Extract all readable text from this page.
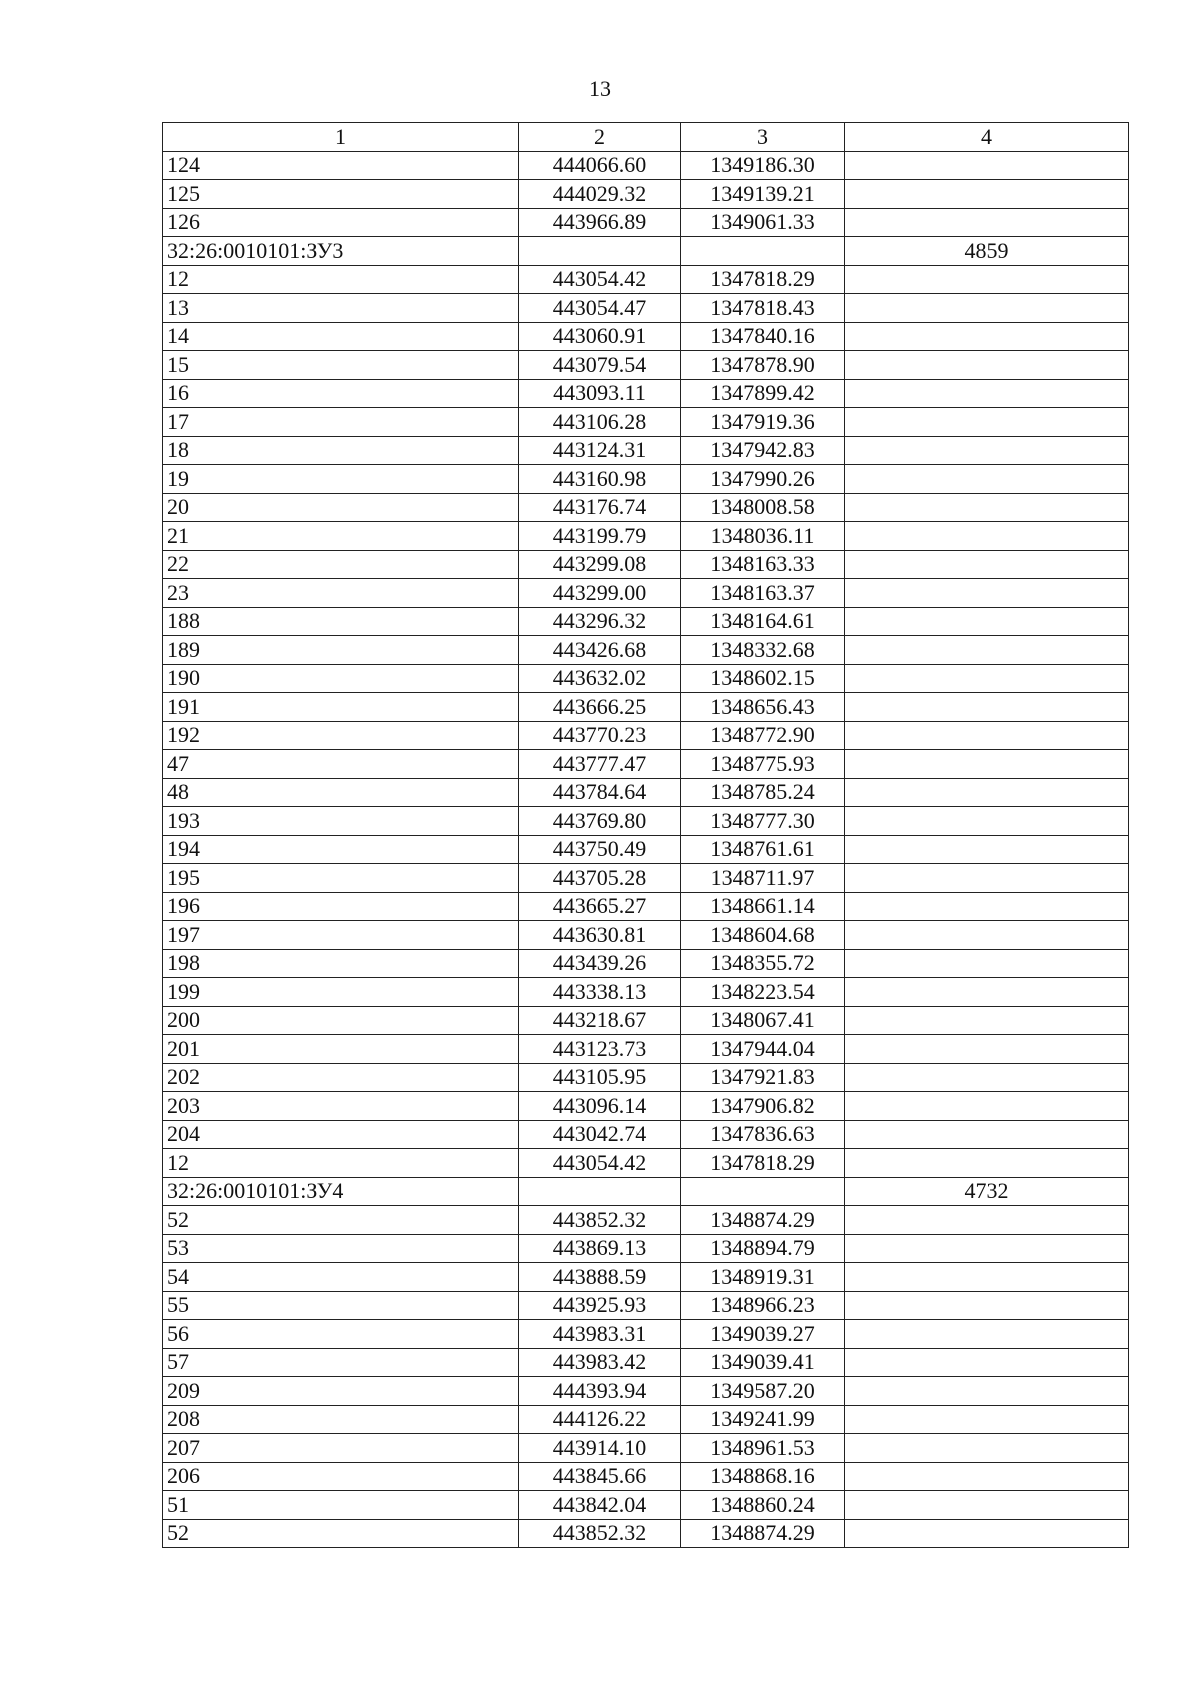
13
1	2	3	4
124	444066.60	1349186.30	
125	444029.32	1349139.21	
126	443966.89	1349061.33	
32:26:0010101:ЗУ3			4859
12	443054.42	1347818.29	
13	443054.47	1347818.43	
14	443060.91	1347840.16	
15	443079.54	1347878.90	
16	443093.11	1347899.42	
17	443106.28	1347919.36	
18	443124.31	1347942.83	
19	443160.98	1347990.26	
20	443176.74	1348008.58	
21	443199.79	1348036.11	
22	443299.08	1348163.33	
23	443299.00	1348163.37	
188	443296.32	1348164.61	
189	443426.68	1348332.68	
190	443632.02	1348602.15	
191	443666.25	1348656.43	
192	443770.23	1348772.90	
47	443777.47	1348775.93	
48	443784.64	1348785.24	
193	443769.80	1348777.30	
194	443750.49	1348761.61	
195	443705.28	1348711.97	
196	443665.27	1348661.14	
197	443630.81	1348604.68	
198	443439.26	1348355.72	
199	443338.13	1348223.54	
200	443218.67	1348067.41	
201	443123.73	1347944.04	
202	443105.95	1347921.83	
203	443096.14	1347906.82	
204	443042.74	1347836.63	
12	443054.42	1347818.29	
32:26:0010101:ЗУ4			4732
52	443852.32	1348874.29	
53	443869.13	1348894.79	
54	443888.59	1348919.31	
55	443925.93	1348966.23	
56	443983.31	1349039.27	
57	443983.42	1349039.41	
209	444393.94	1349587.20	
208	444126.22	1349241.99	
207	443914.10	1348961.53	
206	443845.66	1348868.16	
51	443842.04	1348860.24	
52	443852.32	1348874.29	
